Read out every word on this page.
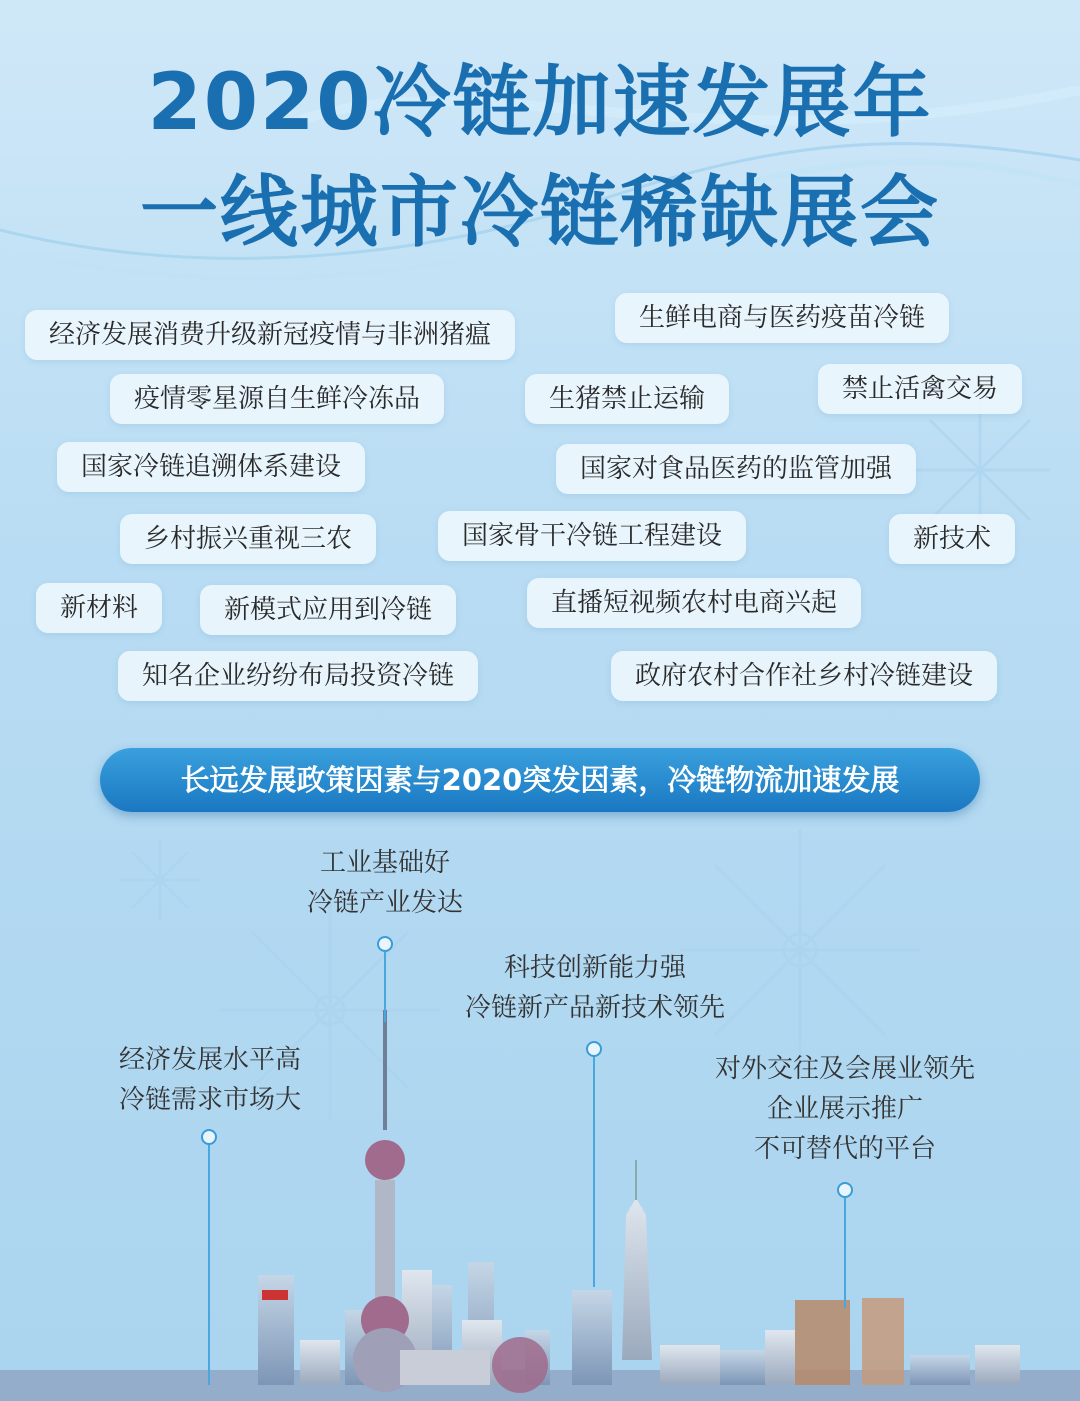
2020冷链加速发展年
一线城市冷链稀缺展会
经济发展消费升级新冠疫情与非洲猪瘟
生鲜电商与医药疫苗冷链
疫情零星源自生鲜冷冻品	生猪禁止运输	禁止活禽交易
国家冷链追溯体系建设	国家对食品医药的监管加强
乡村振兴重视三农	国家骨干冷链工程建设	新技术
新材料	新模式应用到冷链	直播短视频农村电商兴起
知名企业纷纷布局投资冷链	政府农村合作社乡村冷链建设
长远发展政策因素与2020突发因素，冷链物流加速发展
工业基础好
冷链产业发达
科技创新能力强
冷链新产品新技术领先
经济发展水平高
冷链需求市场大
对外交往及会展业领先
企业展示推广
不可替代的平台
